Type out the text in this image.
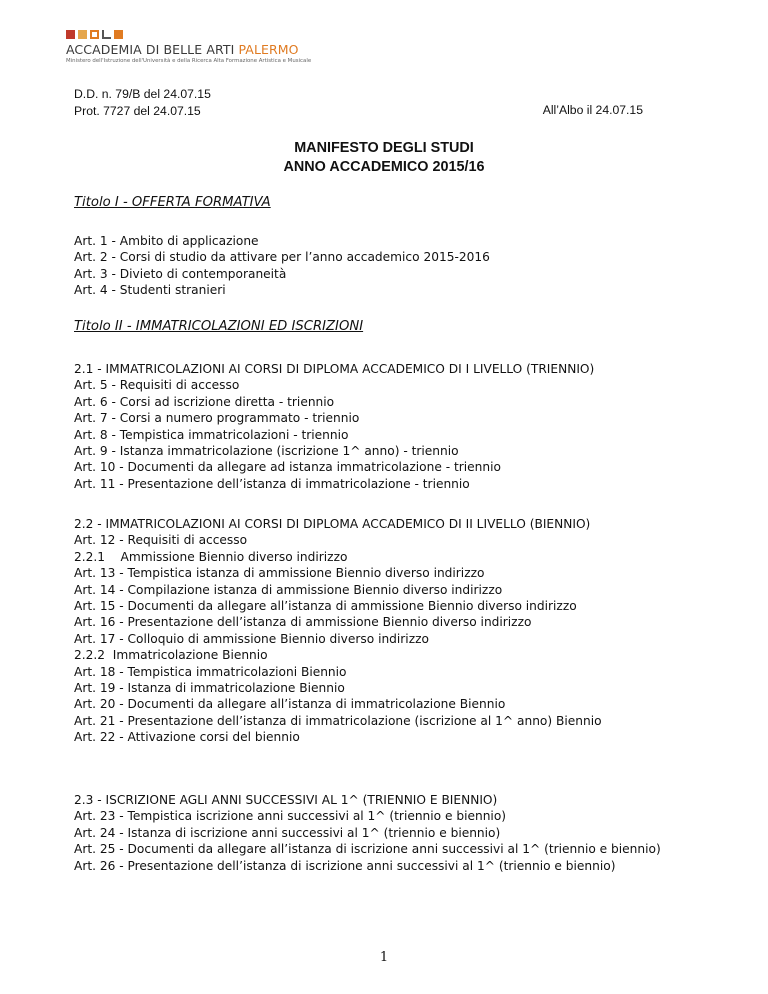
ACCADEMIA DI BELLE ARTI PALERMO
Ministero dell'Istruzione dell'Università e della Ricerca Alta Formazione Artistica e Musicale
D.D. n. 79/B del 24.07.15
Prot. 7727 del 24.07.15	All’Albo il 24.07.15
MANIFESTO DEGLI STUDI
ANNO ACCADEMICO 2015/16
Titolo I - OFFERTA FORMATIVA
Art. 1 - Ambito di applicazione
Art. 2 - Corsi di studio da attivare per l’anno accademico 2015-2016
Art. 3 - Divieto di contemporaneità
Art. 4 - Studenti stranieri
Titolo II - IMMATRICOLAZIONI ED ISCRIZIONI
2.1 - IMMATRICOLAZIONI AI CORSI DI DIPLOMA ACCADEMICO DI I LIVELLO (TRIENNIO)
Art. 5 - Requisiti di accesso
Art. 6 - Corsi ad iscrizione diretta - triennio
Art. 7 - Corsi a numero programmato - triennio
Art. 8 - Tempistica immatricolazioni - triennio
Art. 9 - Istanza immatricolazione (iscrizione 1^ anno) - triennio
Art. 10 - Documenti da allegare ad istanza immatricolazione - triennio
Art. 11 - Presentazione dell’istanza di immatricolazione - triennio
2.2 - IMMATRICOLAZIONI AI CORSI DI DIPLOMA ACCADEMICO DI II LIVELLO (BIENNIO)
Art. 12 - Requisiti di accesso
2.2.1    Ammissione Biennio diverso indirizzo
Art. 13 - Tempistica istanza di ammissione Biennio diverso indirizzo
Art. 14 - Compilazione istanza di ammissione Biennio diverso indirizzo
Art. 15 - Documenti da allegare all’istanza di ammissione Biennio diverso indirizzo
Art. 16 - Presentazione dell’istanza di ammissione Biennio diverso indirizzo
Art. 17 - Colloquio di ammissione Biennio diverso indirizzo
2.2.2  Immatricolazione Biennio
Art. 18 - Tempistica immatricolazioni Biennio
Art. 19 - Istanza di immatricolazione Biennio
Art. 20 - Documenti da allegare all’istanza di immatricolazione Biennio
Art. 21 - Presentazione dell’istanza di immatricolazione (iscrizione al 1^ anno) Biennio
Art. 22 - Attivazione corsi del biennio
2.3 - ISCRIZIONE AGLI ANNI SUCCESSIVI AL 1^ (TRIENNIO E BIENNIO)
Art. 23 - Tempistica iscrizione anni successivi al 1^ (triennio e biennio)
Art. 24 - Istanza di iscrizione anni successivi al 1^ (triennio e biennio)
Art. 25 - Documenti da allegare all’istanza di iscrizione anni successivi al 1^ (triennio e biennio)
Art. 26 - Presentazione dell’istanza di iscrizione anni successivi al 1^ (triennio e biennio)
1
